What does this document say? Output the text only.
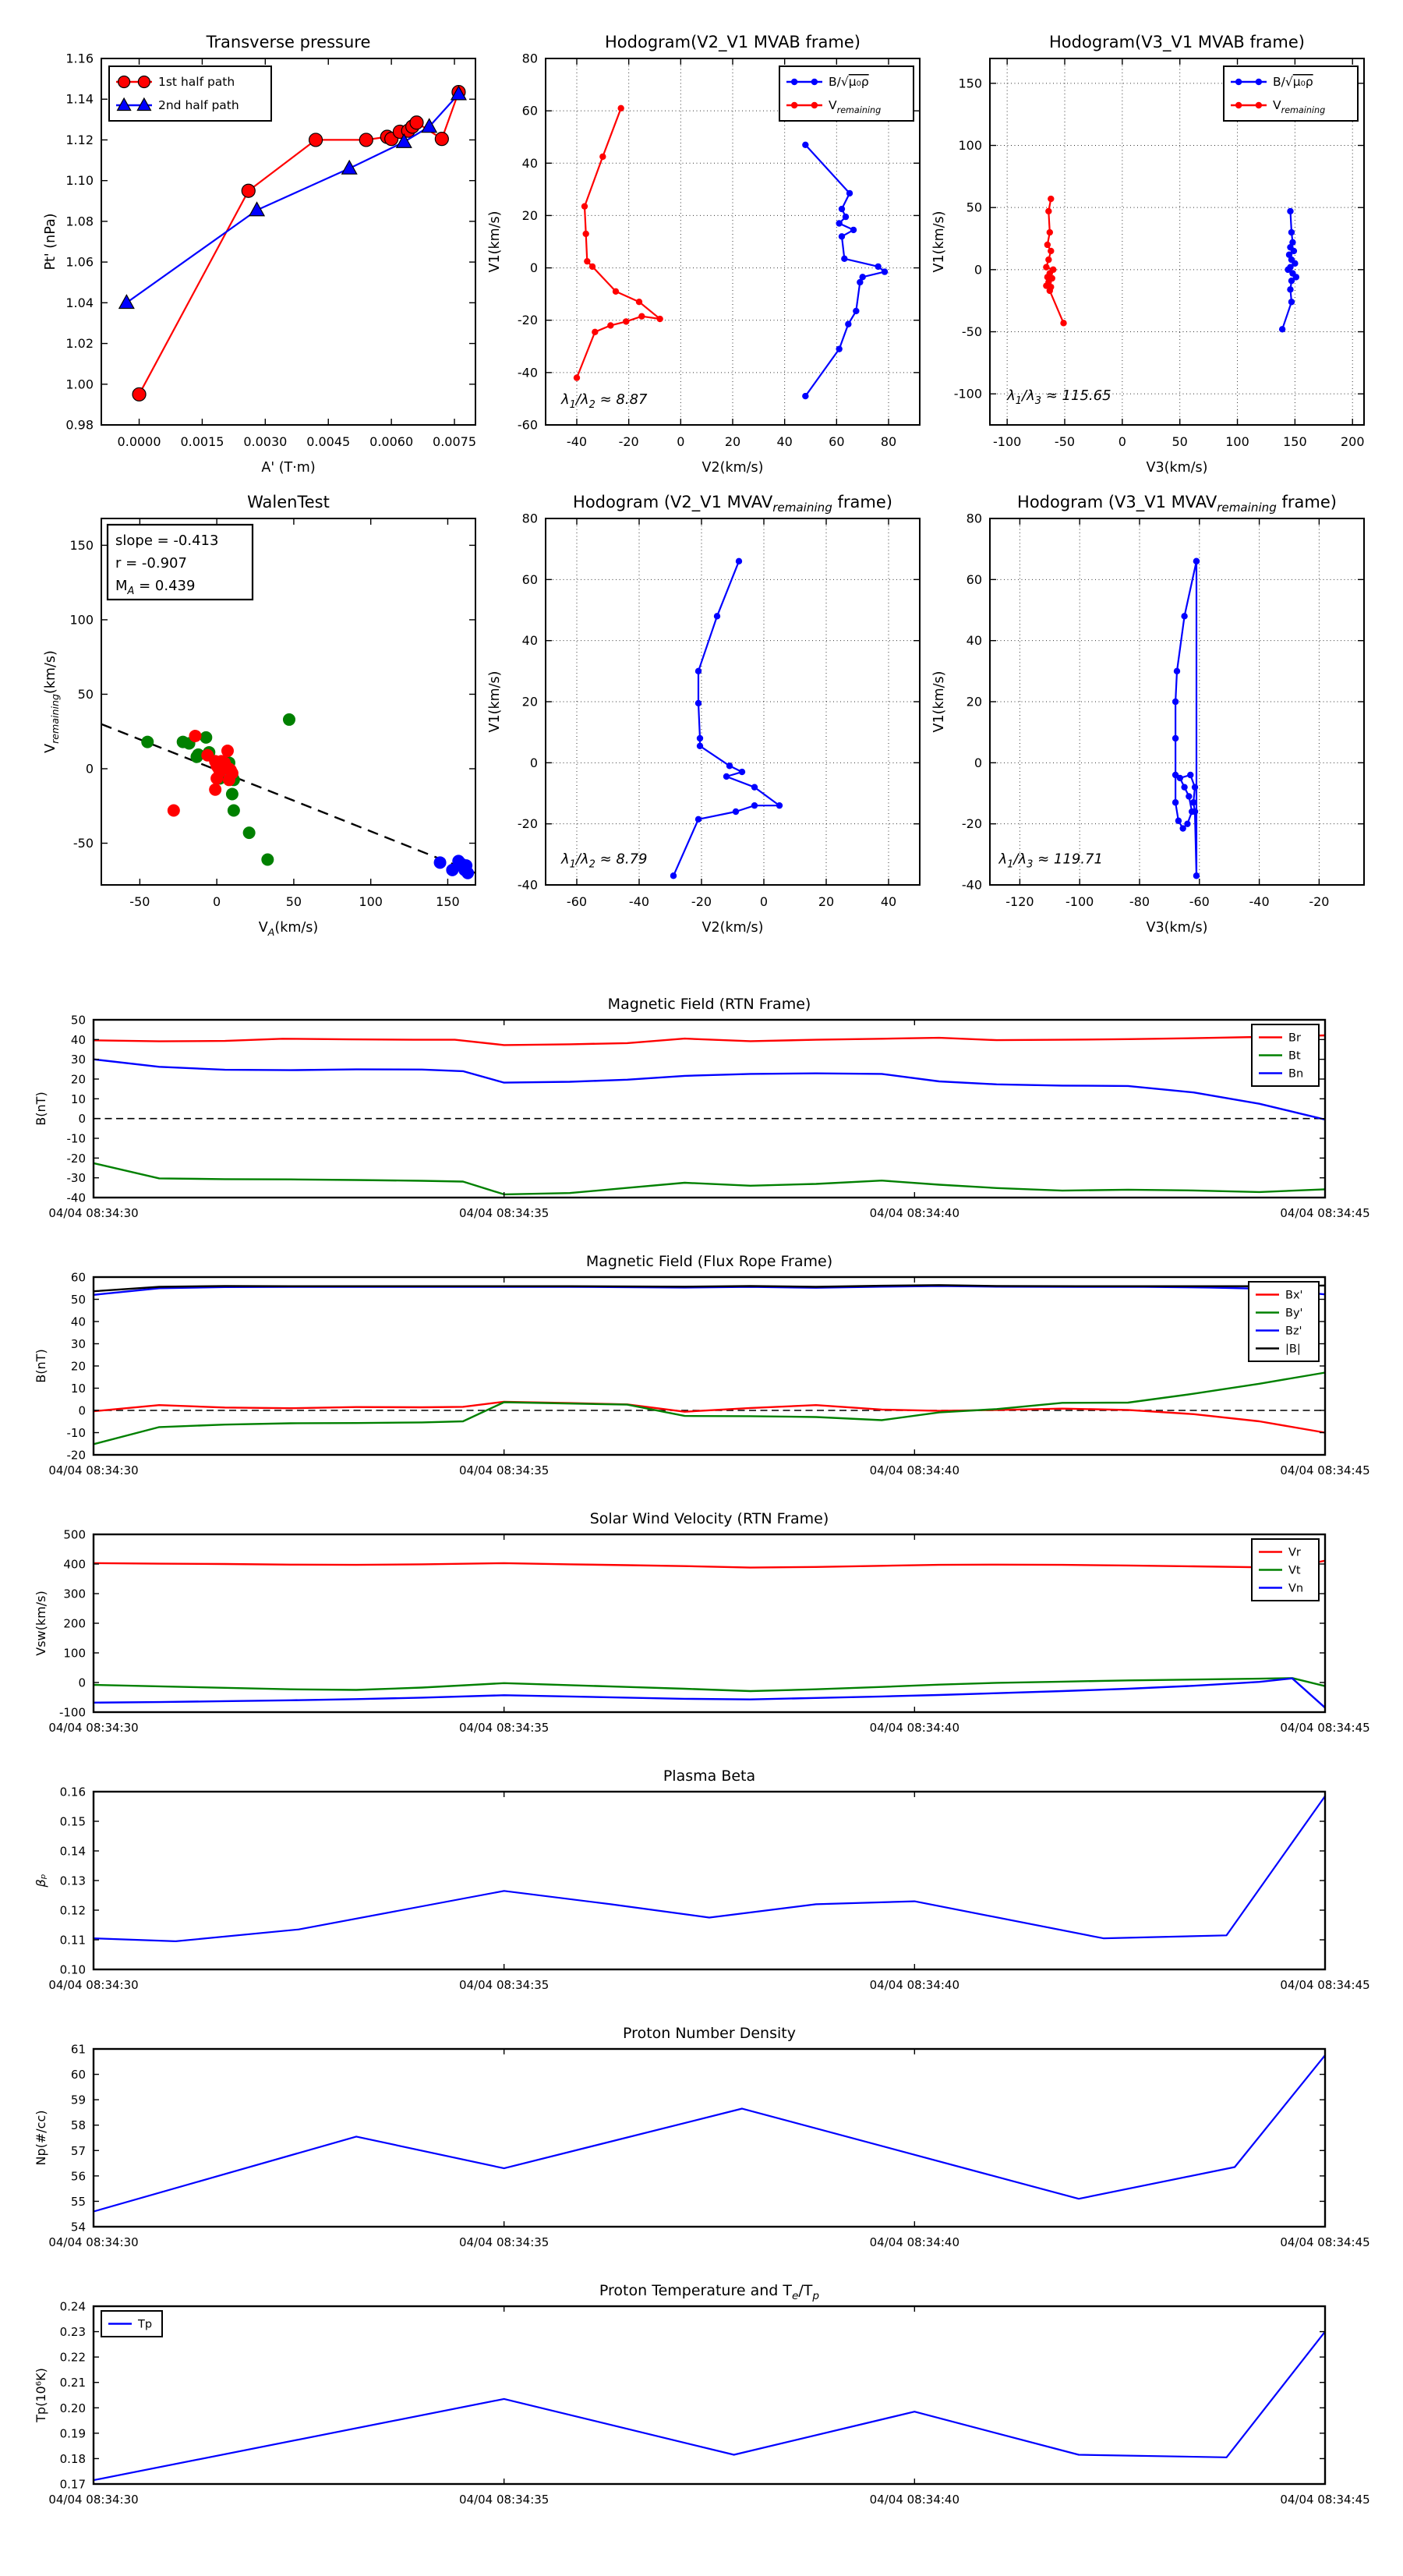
0.0000 0.0015 0.0030 0.0045 0.0060 0.0075
0.98
1.00
1.02
1.04
1.06
1.08
1.10
1.12
1.14
1.16
Transverse pressure
A' (T·m)
Pt' (nPa)
1st half path
2nd half path
-40	-20	0	20	40	60	80
-60
-40
-20
0
20
40
60
80
Hodogram(V2_V1 MVAB frame)
V2(km/s)
V1(km/s)
$\lambda_1/\lambda_2 \approx 8.87$
B/√μ₀ρ
$V_{remaining}$
-100	-50	0	50	100	150	200
-100
-50
0
50
100
150
Hodogram(V3_V1 MVAB frame)
V3(km/s)
V1(km/s)
$\lambda_1/\lambda_3 \approx 115.65$
B/√μ₀ρ
$V_{remaining}$
-50	0	50	100	150
-50
0
50
100
150
WalenTest
$V_A(km/s)$
$V_{remaining}(km/s)$
slope = -0.413
r = -0.907
$M_A = 0.439$
-60	-40	-20	0	20	40
-40
-20
0
20
40
60
80
Hodogram (V2_V1 $MVAV_{remaining}$ frame)
V2(km/s)
V1(km/s)
$\lambda_1/\lambda_2 \approx 8.79$
-120	-100	-80	-60	-40	-20
-40
-20
0
20
40
60
80
Hodogram (V3_V1 $MVAV_{remaining}$ frame)
V3(km/s)
V1(km/s)
$\lambda_1/\lambda_3 \approx 119.71$
04/04 08:34:30	04/04 08:34:35	04/04 08:34:40	04/04 08:34:45
-40
-30
-20
-10
0
10
20
30
40
50
Magnetic Field (RTN Frame)
B(nT)
Br
Bt
Bn
04/04 08:34:30	04/04 08:34:35	04/04 08:34:40	04/04 08:34:45
-20
-10
0
10
20
30
40
50
60
Magnetic Field (Flux Rope Frame)
B(nT)
Bx'
By'
Bz'
|B|
04/04 08:34:30	04/04 08:34:35	04/04 08:34:40	04/04 08:34:45
-100
0
100
200
300
400
500
Solar Wind Velocity (RTN Frame)
Vsw(km/s)
Vr
Vt
Vn
04/04 08:34:30	04/04 08:34:35	04/04 08:34:40	04/04 08:34:45
0.10
0.11
0.12
0.13
0.14
0.15
0.16
Plasma Beta
βₚ
04/04 08:34:30	04/04 08:34:35	04/04 08:34:40	04/04 08:34:45
54
55
56
57
58
59
60
61
Proton Number Density
Np(#/cc)
04/04 08:34:30	04/04 08:34:35	04/04 08:34:40	04/04 08:34:45
0.17
0.18
0.19
0.20
0.21
0.22
0.23
0.24
Proton Temperature and $T_e/T_p$
Tp(10⁶K)
Tp
